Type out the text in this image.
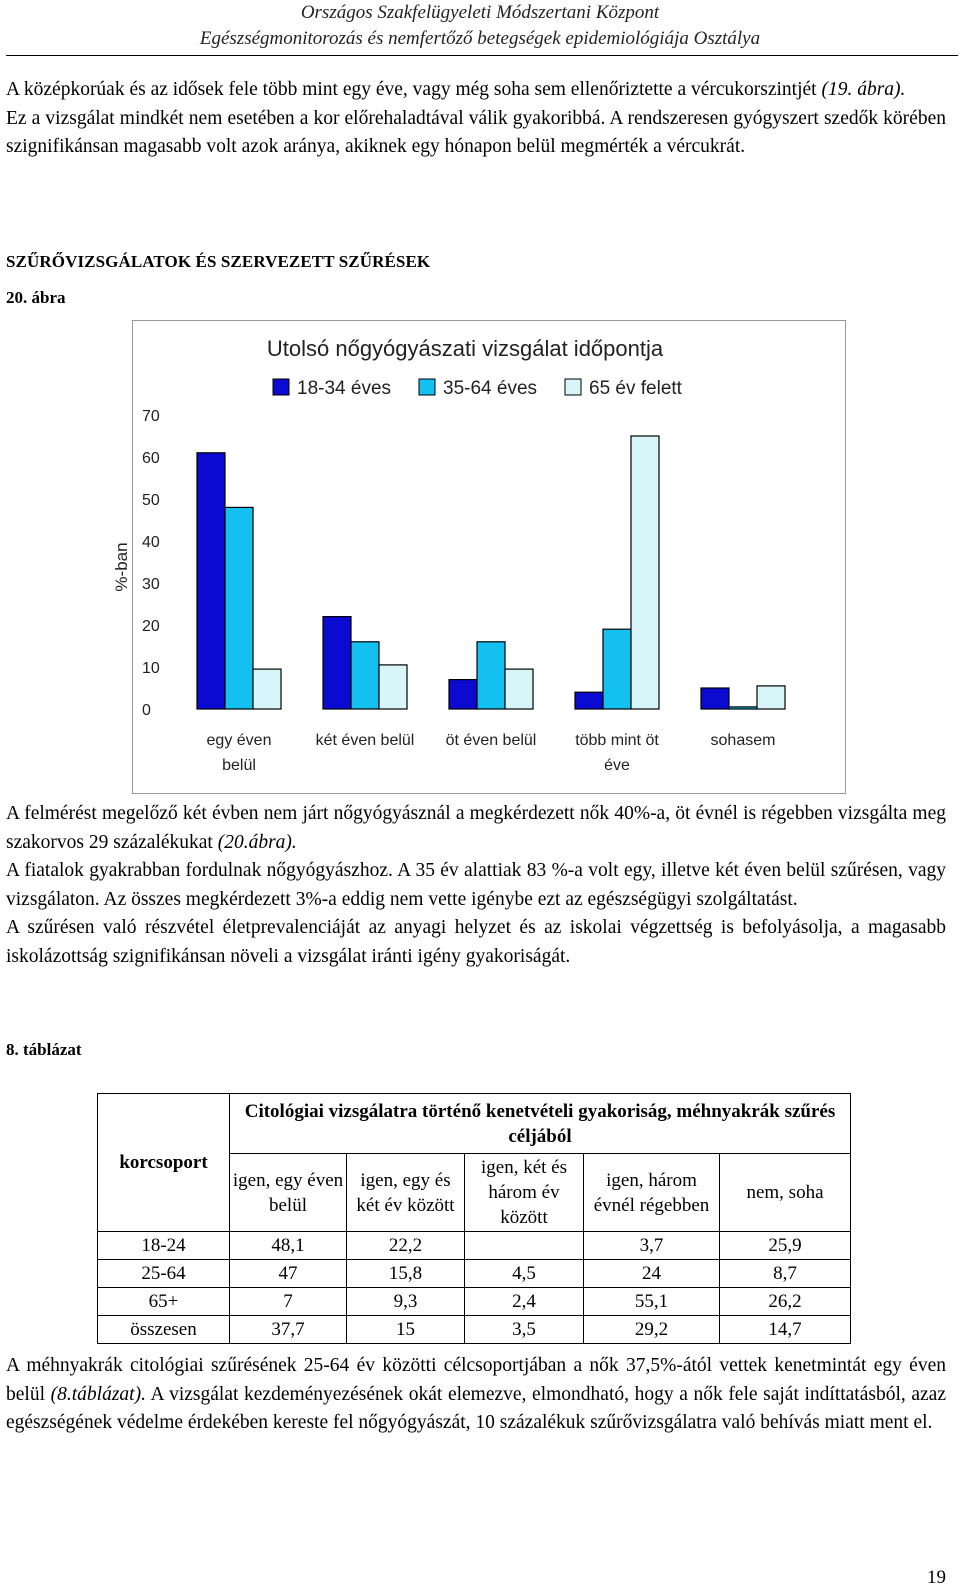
Országos Szakfelügyeleti Módszertani Központ
Egészségmonitorozás és nemfertőző betegségek epidemiológiája Osztálya

A középkorúak és az idősek fele több mint egy éve, vagy még soha sem ellenőriztette a vércukorszintjét (19. ábra).

Ez a vizsgálat mindkét nem esetében a kor előrehaladtával válik gyakoribbá. A rendszeresen gyógyszert szedők körében szignifikánsan magasabb volt azok aránya, akiknek egy hónapon belül megmérték a vércukrát.

SZŰRŐVIZSGÁLATOK ÉS SZERVEZETT SZŰRÉSEK
20. ábra
Utolsó nőgyógyászati vizsgálat időpontja
18-34 éves	35-64 éves	65 év felett
%-ban
0
10
20
30
40
50
60
70
egy éven
belül
két éven belül öt éven belül több mint öt
éve
sohasem

A felmérést megelőző két évben nem járt nőgyógyásznál a megkérdezett nők 40%-a, öt évnél is régebben vizsgálta meg szakorvos 29 százalékukat (20.ábra).

A fiatalok gyakrabban fordulnak nőgyógyászhoz. A 35 év alattiak 83 %-a volt egy, illetve két éven belül szűrésen, vagy vizsgálaton. Az összes megkérdezett 3%-a eddig nem vette igénybe ezt az egészségügyi szolgáltatást.

A szűrésen való részvétel életprevalenciáját az anyagi helyzet és az iskolai végzettség is befolyásolja, a magasabb iskolázottság szignifikánsan növeli a vizsgálat iránti igény gyakoriságát.

8. táblázat
korcsoport	Citológiai vizsgálatra történő kenetvételi gyakoriság, méhnyakrák szűrés céljából				
	igen, egy éven belül	igen, egy és két év között	igen, két és három év között	igen, három évnél régebben	nem, soha
18-24	48,1	22,2		3,7	25,9
25-64	47	15,8	4,5	24	8,7
65+	7	9,3	2,4	55,1	26,2
összesen	37,7	15	3,5	29,2	14,7

A méhnyakrák citológiai szűrésének 25-64 év közötti célcsoportjában a nők 37,5%-ától vettek kenetmintát egy éven belül (8.táblázat). A vizsgálat kezdeményezésének okát elemezve, elmondható, hogy a nők fele saját indíttatásból, azaz egészségének védelme érdekében kereste fel nőgyógyászát, 10 százalékuk szűrővizsgálatra való behívás miatt ment el.

19
